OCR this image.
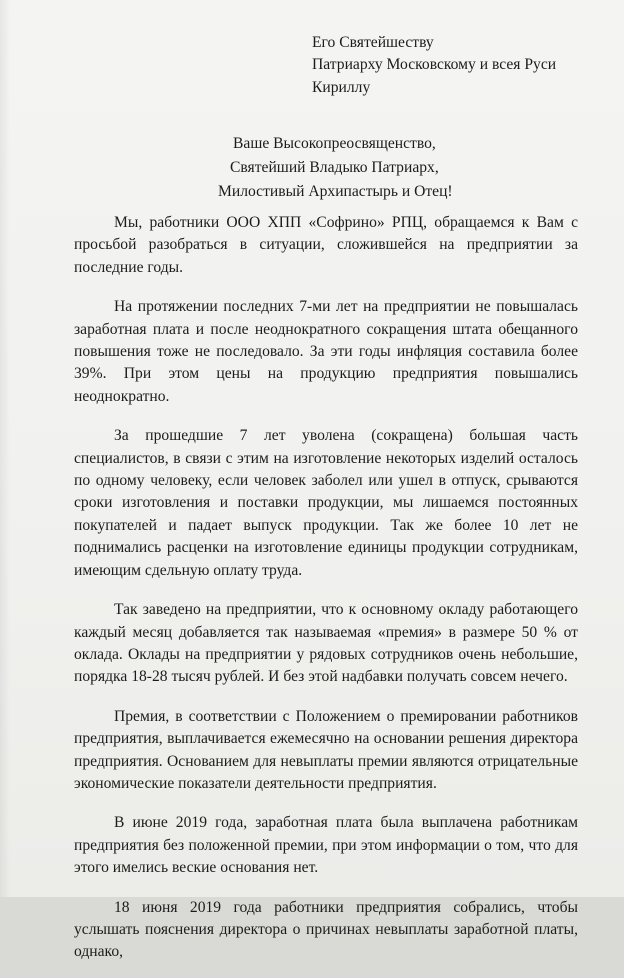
Его Святейшеству
Патриарху Московскому и всея Руси
Кириллу
Ваше Высокопреосвященство,
Святейший Владыко Патриарх,
Милостивый Архипастырь и Отец!

Мы, работники ООО ХПП «Софрино» РПЦ, обращаемся к Вам с просьбой разобраться в ситуации, сложившейся на предприятии за последние годы.

На протяжении последних 7-ми лет на предприятии не повышалась заработная плата и после неоднократного сокращения штата обещанного повышения тоже не последовало. За эти годы инфляция составила более 39%. При этом цены на продукцию предприятия повышались неоднократно.

За прошедшие 7 лет уволена (сокращена) большая часть специалистов, в связи с этим на изготовление некоторых изделий осталось по одному человеку, если человек заболел или ушел в отпуск, срываются сроки изготовления и поставки продукции, мы лишаемся постоянных покупателей и падает выпуск продукции. Так же более 10 лет не поднимались расценки на изготовление единицы продукции сотрудникам, имеющим сдельную оплату труда.

Так заведено на предприятии, что к основному окладу работающего каждый месяц добавляется так называемая «премия» в размере 50 % от оклада. Оклады на предприятии у рядовых сотрудников очень небольшие, порядка 18-28 тысяч рублей. И без этой надбавки получать совсем нечего.

Премия, в соответствии с Положением о премировании работников предприятия, выплачивается ежемесячно на основании решения директора предприятия. Основанием для невыплаты премии являются отрицательные экономические показатели деятельности предприятия.

В июне 2019 года, заработная плата была выплачена работникам предприятия без положенной премии, при этом информации о том, что для этого имелись веские основания нет.

18 июня 2019 года работники предприятия собрались, чтобы услышать пояснения директора о причинах невыплаты заработной платы, однако,
